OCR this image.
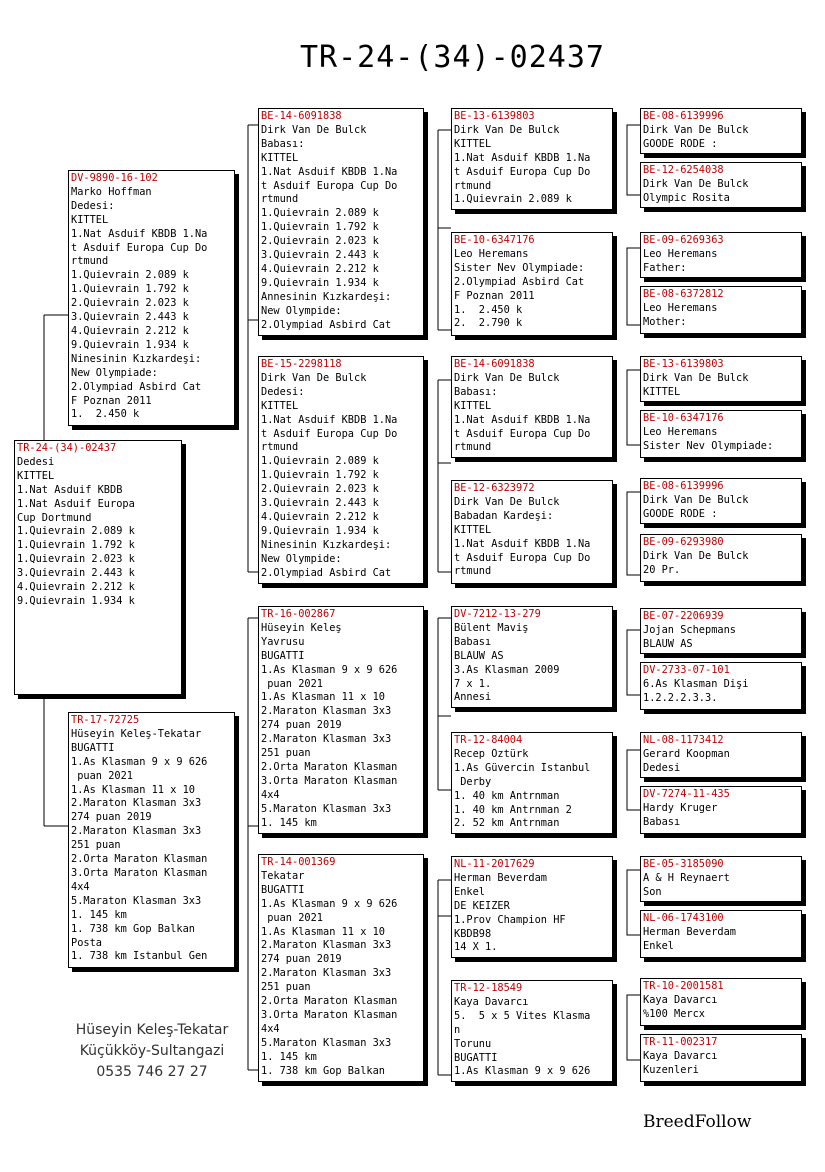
TR-24-(34)-02437
TR-24-(34)-02437
Dedesi
KITTEL
1.Nat Asduif KBDB
1.Nat Asduif Europa
Cup Dortmund
1.Quievrain 2.089 k
1.Quievrain 1.792 k
1.Quievrain 2.023 k
3.Quievrain 2.443 k
4.Quievrain 2.212 k
9.Quievrain 1.934 k
DV-9890-16-102
Marko Hoffman
Dedesi:
KITTEL
1.Nat Asduif KBDB 1.Na
t Asduif Europa Cup Do
rtmund
1.Quievrain 2.089 k
1.Quievrain 1.792 k
2.Quievrain 2.023 k
3.Quievrain 2.443 k
4.Quievrain 2.212 k
9.Quievrain 1.934 k
Ninesinin Kızkardeşi:
New Olympiade:
2.Olympiad Asbird Cat
F Poznan 2011
1.  2.450 k
TR-17-72725
Hüseyin Keleş-Tekatar
BUGATTİ
1.As Klasman 9 x 9 626
puan 2021
1.As Klasman 11 x 10
2.Maraton Klasman 3x3
274 puan 2019
2.Maraton Klasman 3x3
251 puan
2.Orta Maraton Klasman
3.Orta Maraton Klasman
4x4
5.Maraton Klasman 3x3
1. 145 km
1. 738 km Gop Balkan
Posta
1. 738 km İstanbul Gen
BE-14-6091838
Dirk Van De Bulck
Babası:
KITTEL
1.Nat Asduif KBDB 1.Na
t Asduif Europa Cup Do
rtmund
1.Quievrain 2.089 k
1.Quievrain 1.792 k
2.Quievrain 2.023 k
3.Quievrain 2.443 k
4.Quievrain 2.212 k
9.Quievrain 1.934 k
Annesinin Kızkardeşi:
New Olympide:
2.Olympiad Asbird Cat
BE-15-2298118
Dirk Van De Bulck
Dedesi:
KITTEL
1.Nat Asduif KBDB 1.Na
t Asduif Europa Cup Do
rtmund
1.Quievrain 2.089 k
1.Quievrain 1.792 k
2.Quievrain 2.023 k
3.Quievrain 2.443 k
4.Quievrain 2.212 k
9.Quievrain 1.934 k
Ninesinin Kızkardeşi:
New Olympide:
2.Olympiad Asbird Cat
TR-16-002867
Hüseyin Keleş
Yavrusu
BUGATTİ
1.As Klasman 9 x 9 626
puan 2021
1.As Klasman 11 x 10
2.Maraton Klasman 3x3
274 puan 2019
2.Maraton Klasman 3x3
251 puan
2.Orta Maraton Klasman
3.Orta Maraton Klasman
4x4
5.Maraton Klasman 3x3
1. 145 km
TR-14-001369
Tekatar
BUGATTİ
1.As Klasman 9 x 9 626
puan 2021
1.As Klasman 11 x 10
2.Maraton Klasman 3x3
274 puan 2019
2.Maraton Klasman 3x3
251 puan
2.Orta Maraton Klasman
3.Orta Maraton Klasman
4x4
5.Maraton Klasman 3x3
1. 145 km
1. 738 km Gop Balkan
BE-13-6139803
Dirk Van De Bulck
KITTEL
1.Nat Asduif KBDB 1.Na
t Asduif Europa Cup Do
rtmund
1.Quievrain 2.089 k
BE-10-6347176
Leo Heremans
Sister Nev Olympiade:
2.Olympiad Asbird Cat
F Poznan 2011
1.  2.450 k
2.  2.790 k
BE-14-6091838
Dirk Van De Bulck
Babası:
KITTEL
1.Nat Asduif KBDB 1.Na
t Asduif Europa Cup Do
rtmund
BE-12-6323972
Dirk Van De Bulck
Babadan Kardeşi:
KITTEL
1.Nat Asduif KBDB 1.Na
t Asduif Europa Cup Do
rtmund
DV-7212-13-279
Bülent Maviş
Babası
BLAUW AS
3.As Klasman 2009
7 x 1.
Annesi
TR-12-84004
Recep Öztürk
1.As Güvercin İstanbul
Derby
1. 40 km Antrnman
1. 40 km Antrnman 2
2. 52 km Antrnman
NL-11-2017629
Herman Beverdam
Enkel
DE KEIZER
1.Prov Champion HF
KBDB98
14 X 1.
TR-12-18549
Kaya Davarcı
5.  5 x 5 Vites Klasma
n
Torunu
BUGATTİ
1.As Klasman 9 x 9 626
BE-08-6139996
Dirk Van De Bulck
GOODE RODE :
BE-12-6254038
Dirk Van De Bulck
Olympic Rosita
BE-09-6269363
Leo Heremans
Father:
BE-08-6372812
Leo Heremans
Mother:
BE-13-6139803
Dirk Van De Bulck
KITTEL
BE-10-6347176
Leo Heremans
Sister Nev Olympiade:
BE-08-6139996
Dirk Van De Bulck
GOODE RODE :
BE-09-6293980
Dirk Van De Bulck
20 Pr.
BE-07-2206939
Jojan Schepmans
BLAUW AS
DV-2733-07-101
6.As Klasman Dişi
1.2.2.2.3.3.
NL-08-1173412
Gerard Koopman
Dedesi
DV-7274-11-435
Hardy Kruger
Babası
BE-05-3185090
A & H Reynaert
Son
NL-06-1743100
Herman Beverdam
Enkel
TR-10-2001581
Kaya Davarcı
%100 Mercx
TR-11-002317
Kaya Davarcı
Kuzenleri
Hüseyin Keleş-Tekatar
Küçükköy-Sultangazi
0535 746 27 27
BreedFollow
